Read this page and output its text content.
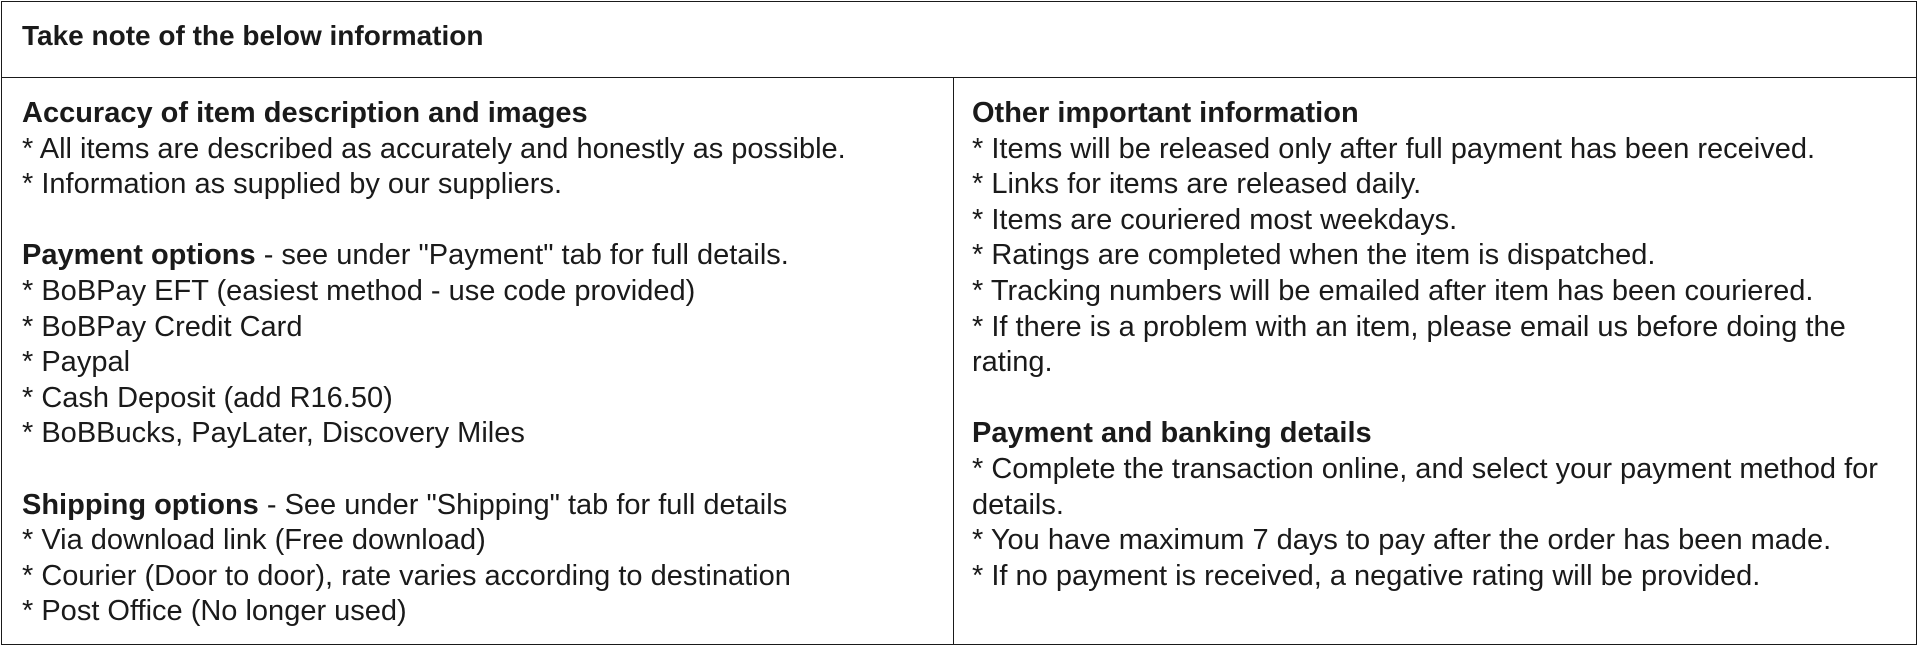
Take note of the below information
Accuracy of item description and images
* All items are described as accurately and honestly as possible.
* Information as supplied by our suppliers.
Payment options - see under "Payment" tab for full details.
* BoBPay EFT (easiest method - use code provided)
* BoBPay Credit Card
* Paypal
* Cash Deposit (add R16.50)
* BoBBucks, PayLater, Discovery Miles
Shipping options - See under "Shipping" tab for full details
* Via download link (Free download)
* Courier (Door to door), rate varies according to destination
* Post Office (No longer used)
Other important information
* Items will be released only after full payment has been received.
* Links for items are released daily.
* Items are couriered most weekdays.
* Ratings are completed when the item is dispatched.
* Tracking numbers will be emailed after item has been couriered.
* If there is a problem with an item, please email us before doing the rating.
Payment and banking details
* Complete the transaction online, and select your payment method for details.
* You have maximum 7 days to pay after the order has been made.
* If no payment is received, a negative rating will be provided.
